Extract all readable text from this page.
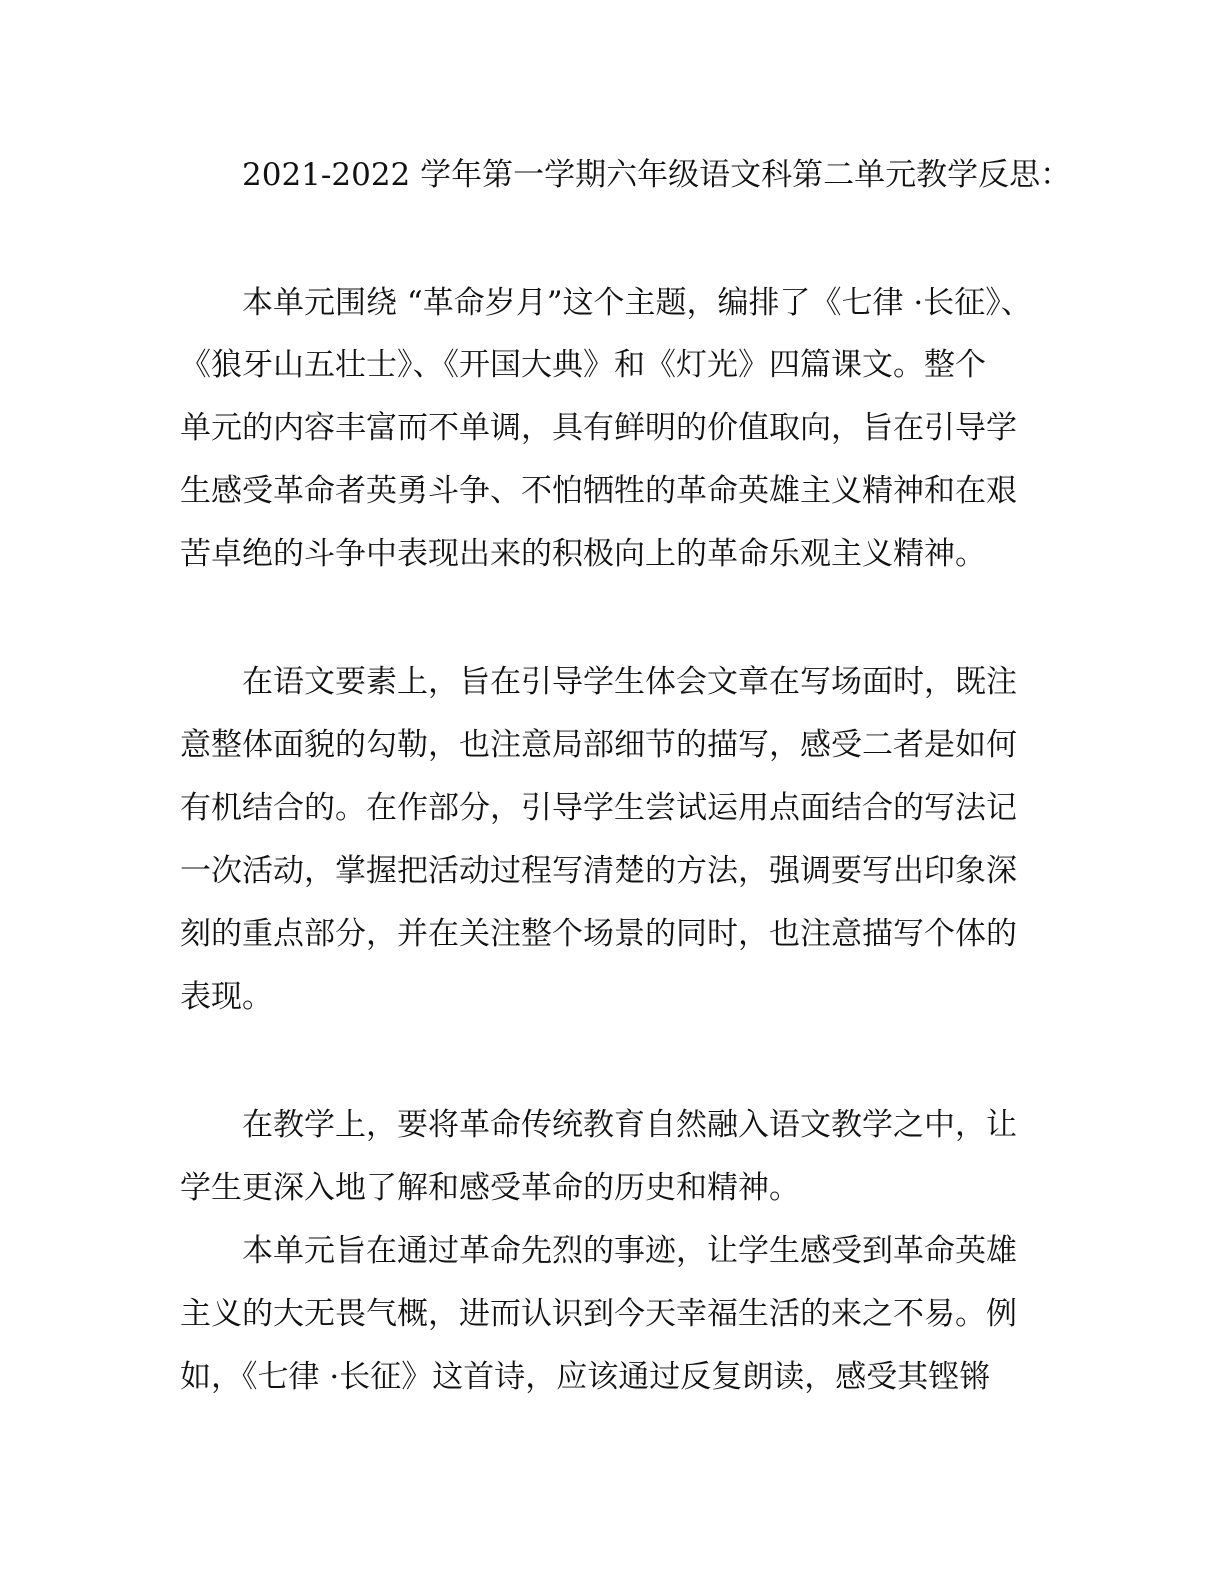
2021-2022 学年第一学期六年级语文科第二单元教学反思：
本单元围绕 “革命岁月”这个主题，编排了《七律 ·长征》、
《狼牙山五壮士》、《开国大典》和《灯光》四篇课文。整个
单元的内容丰富而不单调，具有鲜明的价值取向，旨在引导学
生感受革命者英勇斗争、不怕牺牲的革命英雄主义精神和在艰
苦卓绝的斗争中表现出来的积极向上的革命乐观主义精神。
在语文要素上，旨在引导学生体会文章在写场面时，既注
意整体面貌的勾勒，也注意局部细节的描写，感受二者是如何
有机结合的。在作部分，引导学生尝试运用点面结合的写法记
一次活动，掌握把活动过程写清楚的方法，强调要写出印象深
刻的重点部分，并在关注整个场景的同时，也注意描写个体的
表现。
在教学上，要将革命传统教育自然融入语文教学之中，让
学生更深入地了解和感受革命的历史和精神。
本单元旨在通过革命先烈的事迹，让学生感受到革命英雄
主义的大无畏气概，进而认识到今天幸福生活的来之不易。例
如，《七律 ·长征》这首诗，应该通过反复朗读，感受其铿锵
